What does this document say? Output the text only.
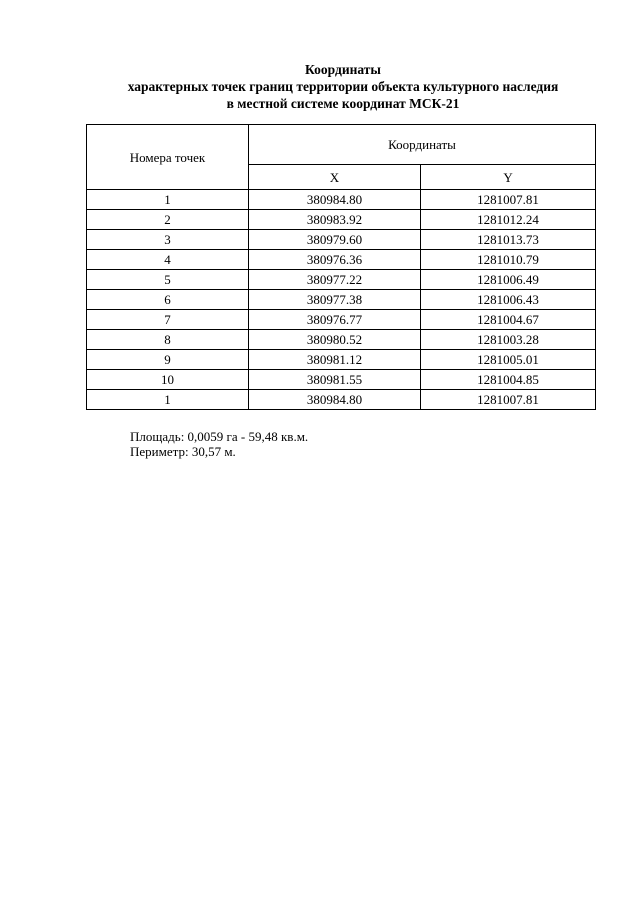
Координаты
характерных точек границ территории объекта культурного наследия
в местной системе координат МСК-21
Номера точек	Координаты	
	X	Y
1	380984.80	1281007.81
2	380983.92	1281012.24
3	380979.60	1281013.73
4	380976.36	1281010.79
5	380977.22	1281006.49
6	380977.38	1281006.43
7	380976.77	1281004.67
8	380980.52	1281003.28
9	380981.12	1281005.01
10	380981.55	1281004.85
1	380984.80	1281007.81
Площадь: 0,0059 га - 59,48 кв.м.
Периметр: 30,57 м.
